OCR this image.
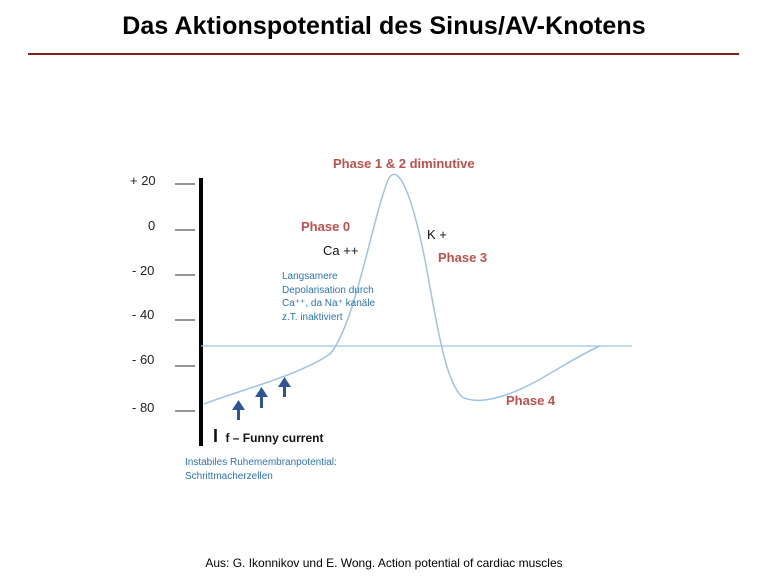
Das Aktionspotential des Sinus/AV-Knotens
+ 20
0
- 20
- 40
- 60
- 80
Phase 1 & 2 diminutive
Phase 0
Ca ++
K +
Phase 3
Phase 4
Langsamere
Depolarisation durch
Ca⁺⁺, da Na⁺ kanäle
z.T. inaktiviert
I f – Funny current
Instabiles Ruhemembranpotential:
Schrittmacherzellen
Aus: G. Ikonnikov und E. Wong. Action potential of cardiac muscles
